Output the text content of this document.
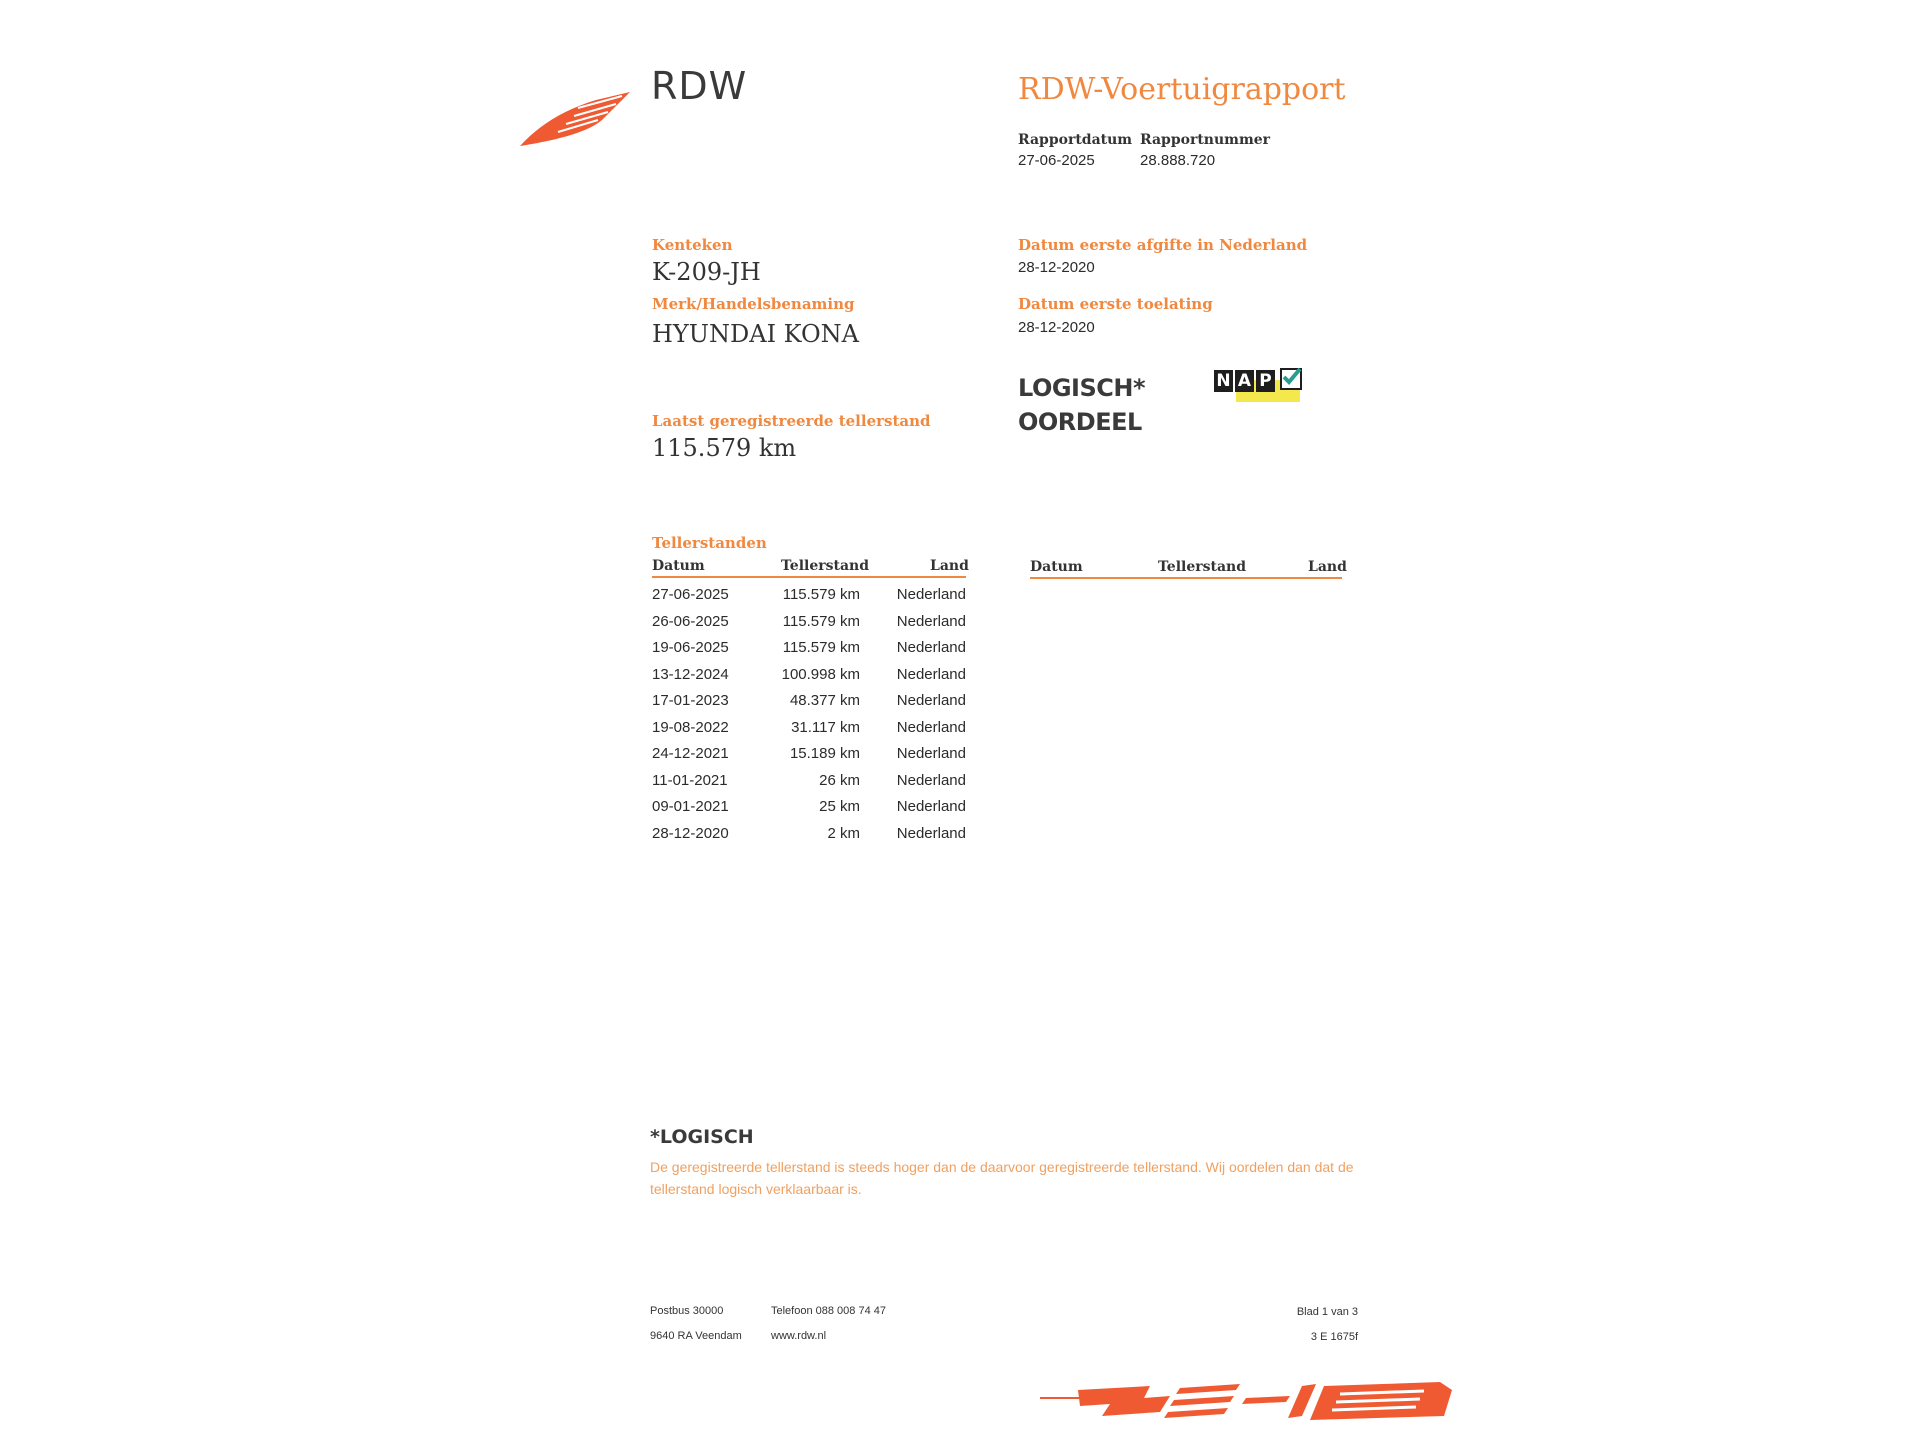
RDW	RDW-Voertuigrapport
Rapportdatum
27-06-2025
Rapportnummer
28.888.720
Kenteken
K-209-JH
Merk/Handelsbenaming
HYUNDAI KONA
Laatst geregistreerde tellerstand
115.579 km
Datum eerste afgifte in Nederland
28-12-2020
Datum eerste toelating
28-12-2020
LOGISCH*
OORDEEL
N A P
Tellerstanden
Datum	Tellerstand	Land	Datum	Tellerstand	Land
27-06-2025	115.579 km Nederland
26-06-2025	115.579 km Nederland
19-06-2025	115.579 km Nederland
13-12-2024	100.998 km Nederland
17-01-2023	48.377 km Nederland
19-08-2022	31.117 km Nederland
24-12-2021	15.189 km Nederland
11-01-2021	26 km Nederland
09-01-2021	25 km Nederland
28-12-2020	2 km Nederland
*LOGISCH
De geregistreerde tellerstand is steeds hoger dan de daarvoor geregistreerde tellerstand. Wij oordelen dan dat de tellerstand logisch verklaarbaar is.
Postbus 30000
9640 RA Veendam
Telefoon 088 008 74 47
www.rdw.nl
Blad 1 van 3
3 E 1675f
